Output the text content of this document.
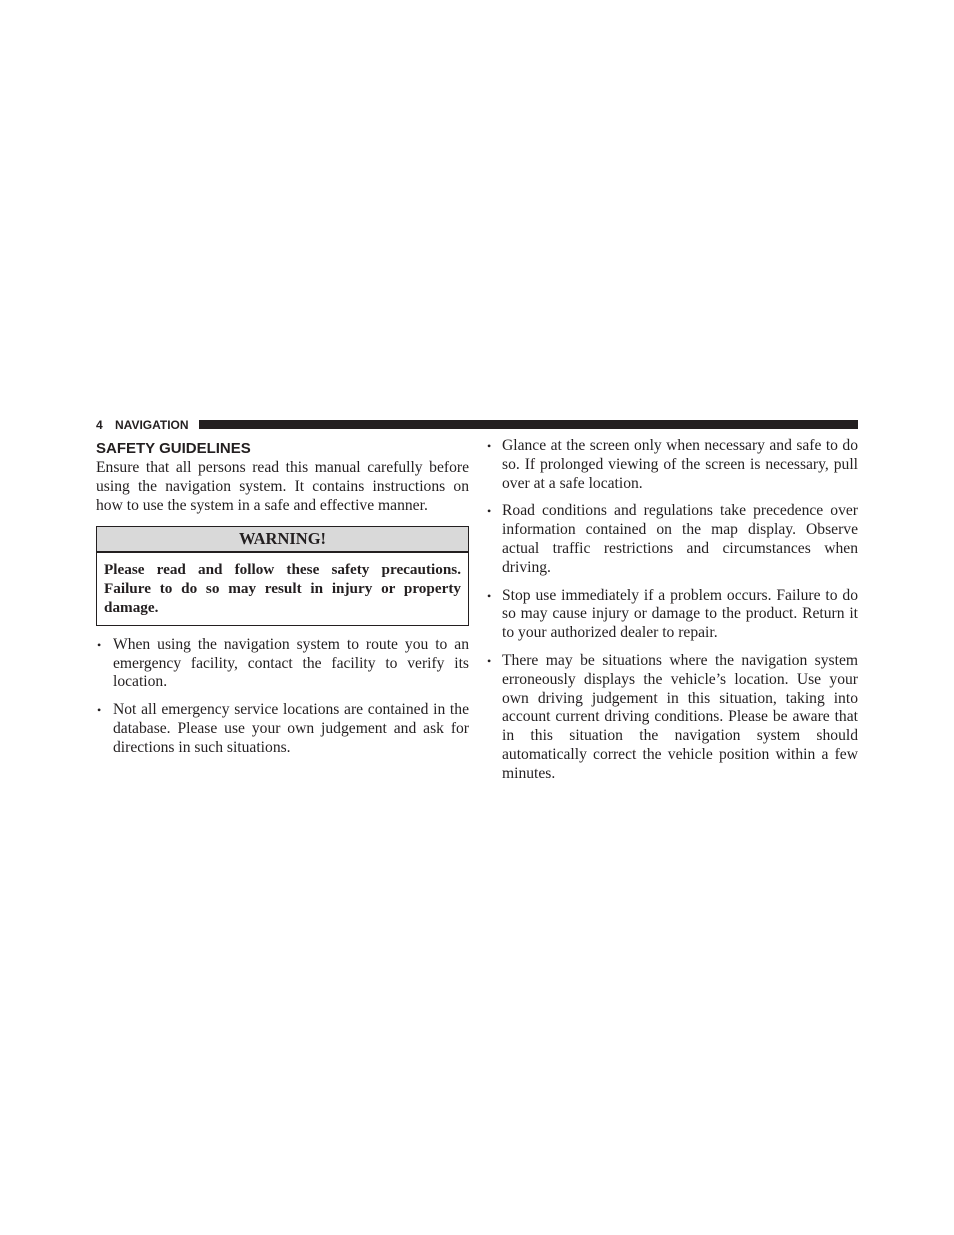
4 NAVIGATION
SAFETY GUIDELINES

Ensure that all persons read this manual carefully before using the navigation system. It contains instructions on how to use the system in a safe and effective manner.

WARNING!
Please read and follow these safety precautions. Failure to do so may result in injury or property damage.
• When using the navigation system to route you to an emergency facility, contact the facility to verify its location.
• Not all emergency service locations are contained in the database. Please use your own judgement and ask for directions in such situations.
• Glance at the screen only when necessary and safe to do so. If prolonged viewing of the screen is necessary, pull over at a safe location.
• Road conditions and regulations take precedence over information contained on the map display. Observe actual traffic restrictions and circumstances when driving.
• Stop use immediately if a problem occurs. Failure to do so may cause injury or damage to the product. Return it to your authorized dealer to repair.
• There may be situations where the navigation system erroneously displays the vehicle’s location. Use your own driving judgement in this situation, taking into account current driving conditions. Please be aware that in this situation the navigation system should automatically correct the vehicle position within a few minutes.
